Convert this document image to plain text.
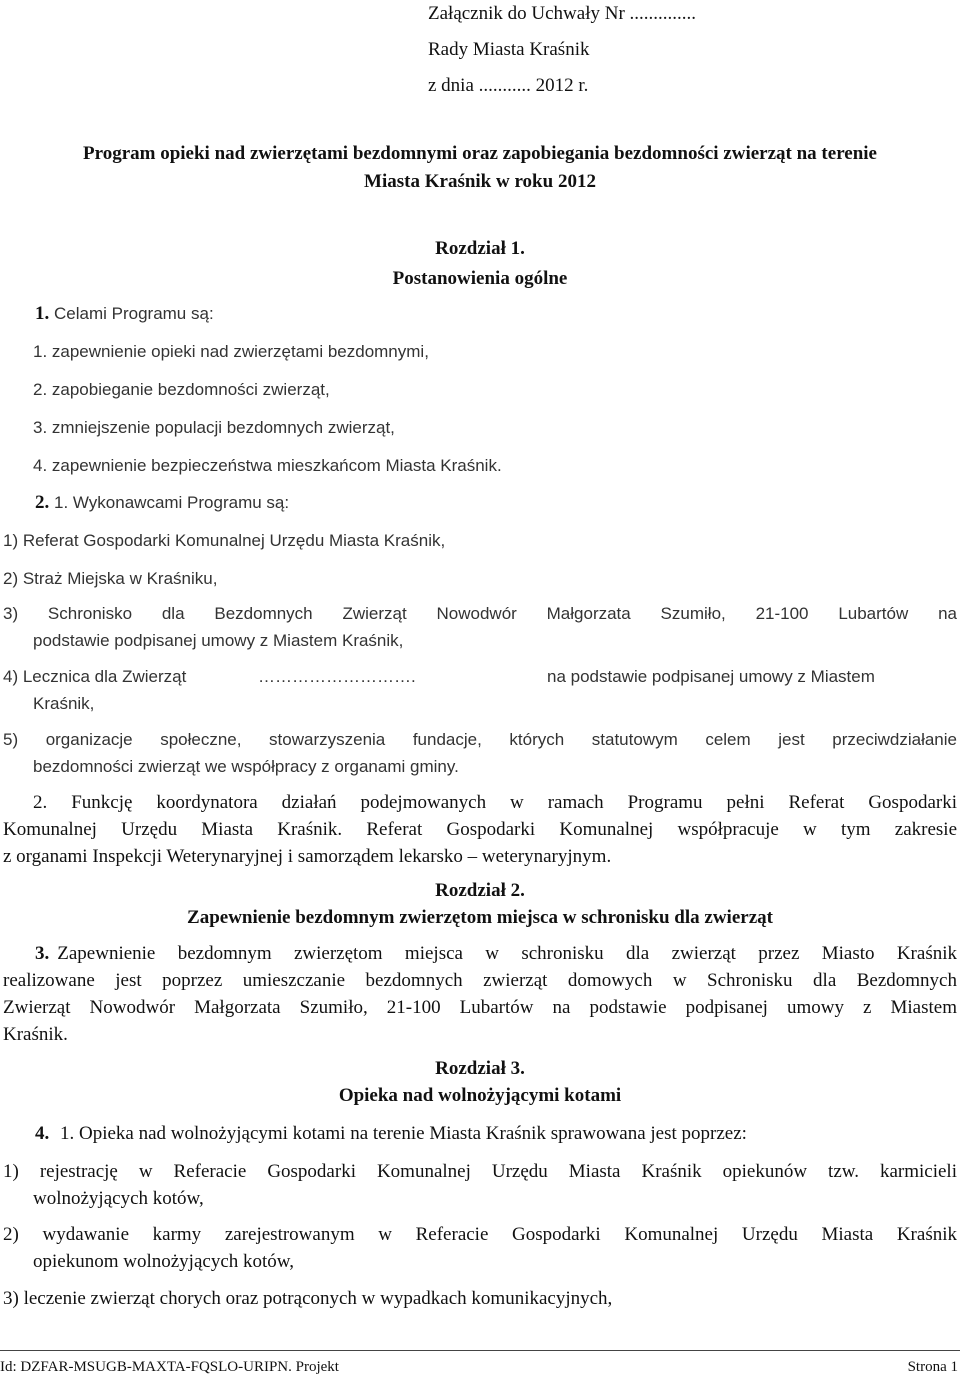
Załącznik do Uchwały Nr ..............
Rady Miasta Kraśnik
z dnia ........... 2012 r.
Program opieki nad zwierzętami bezdomnymi oraz zapobiegania bezdomności zwierząt na terenie
Miasta Kraśnik w roku 2012
Rozdział 1.
Postanowienia ogólne
1. Celami Programu są:
1. zapewnienie opieki nad zwierzętami bezdomnymi,
2. zapobieganie bezdomności zwierząt,
3. zmniejszenie populacji bezdomnych zwierząt,
4. zapewnienie bezpieczeństwa mieszkańcom Miasta Kraśnik.
2. 1. Wykonawcami Programu są:
1) Referat Gospodarki Komunalnej Urzędu Miasta Kraśnik,
2) Straż Miejska w Kraśniku,
3) Schronisko dla Bezdomnych Zwierząt Nowodwór Małgorzata Szumiło, 21-100 Lubartów na
podstawie podpisanej umowy z Miastem Kraśnik,
4) Lecznica dla Zwierząt	……………………….	na podstawie podpisanej umowy z Miastem
Kraśnik,
5) organizacje społeczne, stowarzyszenia fundacje, których statutowym celem jest przeciwdziałanie
bezdomności zwierząt we współpracy z organami gminy.
2. Funkcję koordynatora działań podejmowanych w ramach Programu pełni Referat Gospodarki
Komunalnej Urzędu Miasta Kraśnik. Referat Gospodarki Komunalnej współpracuje w tym zakresie
z organami Inspekcji Weterynaryjnej i samorządem lekarsko – weterynaryjnym.
Rozdział 2.
Zapewnienie bezdomnym zwierzętom miejsca w schronisku dla zwierząt
3. Zapewnienie bezdomnym zwierzętom miejsca w schronisku dla zwierząt przez Miasto Kraśnik
realizowane jest poprzez umieszczanie bezdomnych zwierząt domowych w Schronisku dla Bezdomnych
Zwierząt Nowodwór Małgorzata Szumiło, 21-100 Lubartów na podstawie podpisanej umowy z Miastem
Kraśnik.
Rozdział 3.
Opieka nad wolnożyjącymi kotami
4. 1. Opieka nad wolnożyjącymi kotami na terenie Miasta Kraśnik sprawowana jest poprzez:
1) rejestrację w Referacie Gospodarki Komunalnej Urzędu Miasta Kraśnik opiekunów tzw. karmicieli
wolnożyjących kotów,
2) wydawanie karmy zarejestrowanym w Referacie Gospodarki Komunalnej Urzędu Miasta Kraśnik
opiekunom wolnożyjących kotów,
3) leczenie zwierząt chorych oraz potrąconych w wypadkach komunikacyjnych,
Id: DZFAR-MSUGB-MAXTA-FQSLO-URIPN. Projekt	Strona 1
